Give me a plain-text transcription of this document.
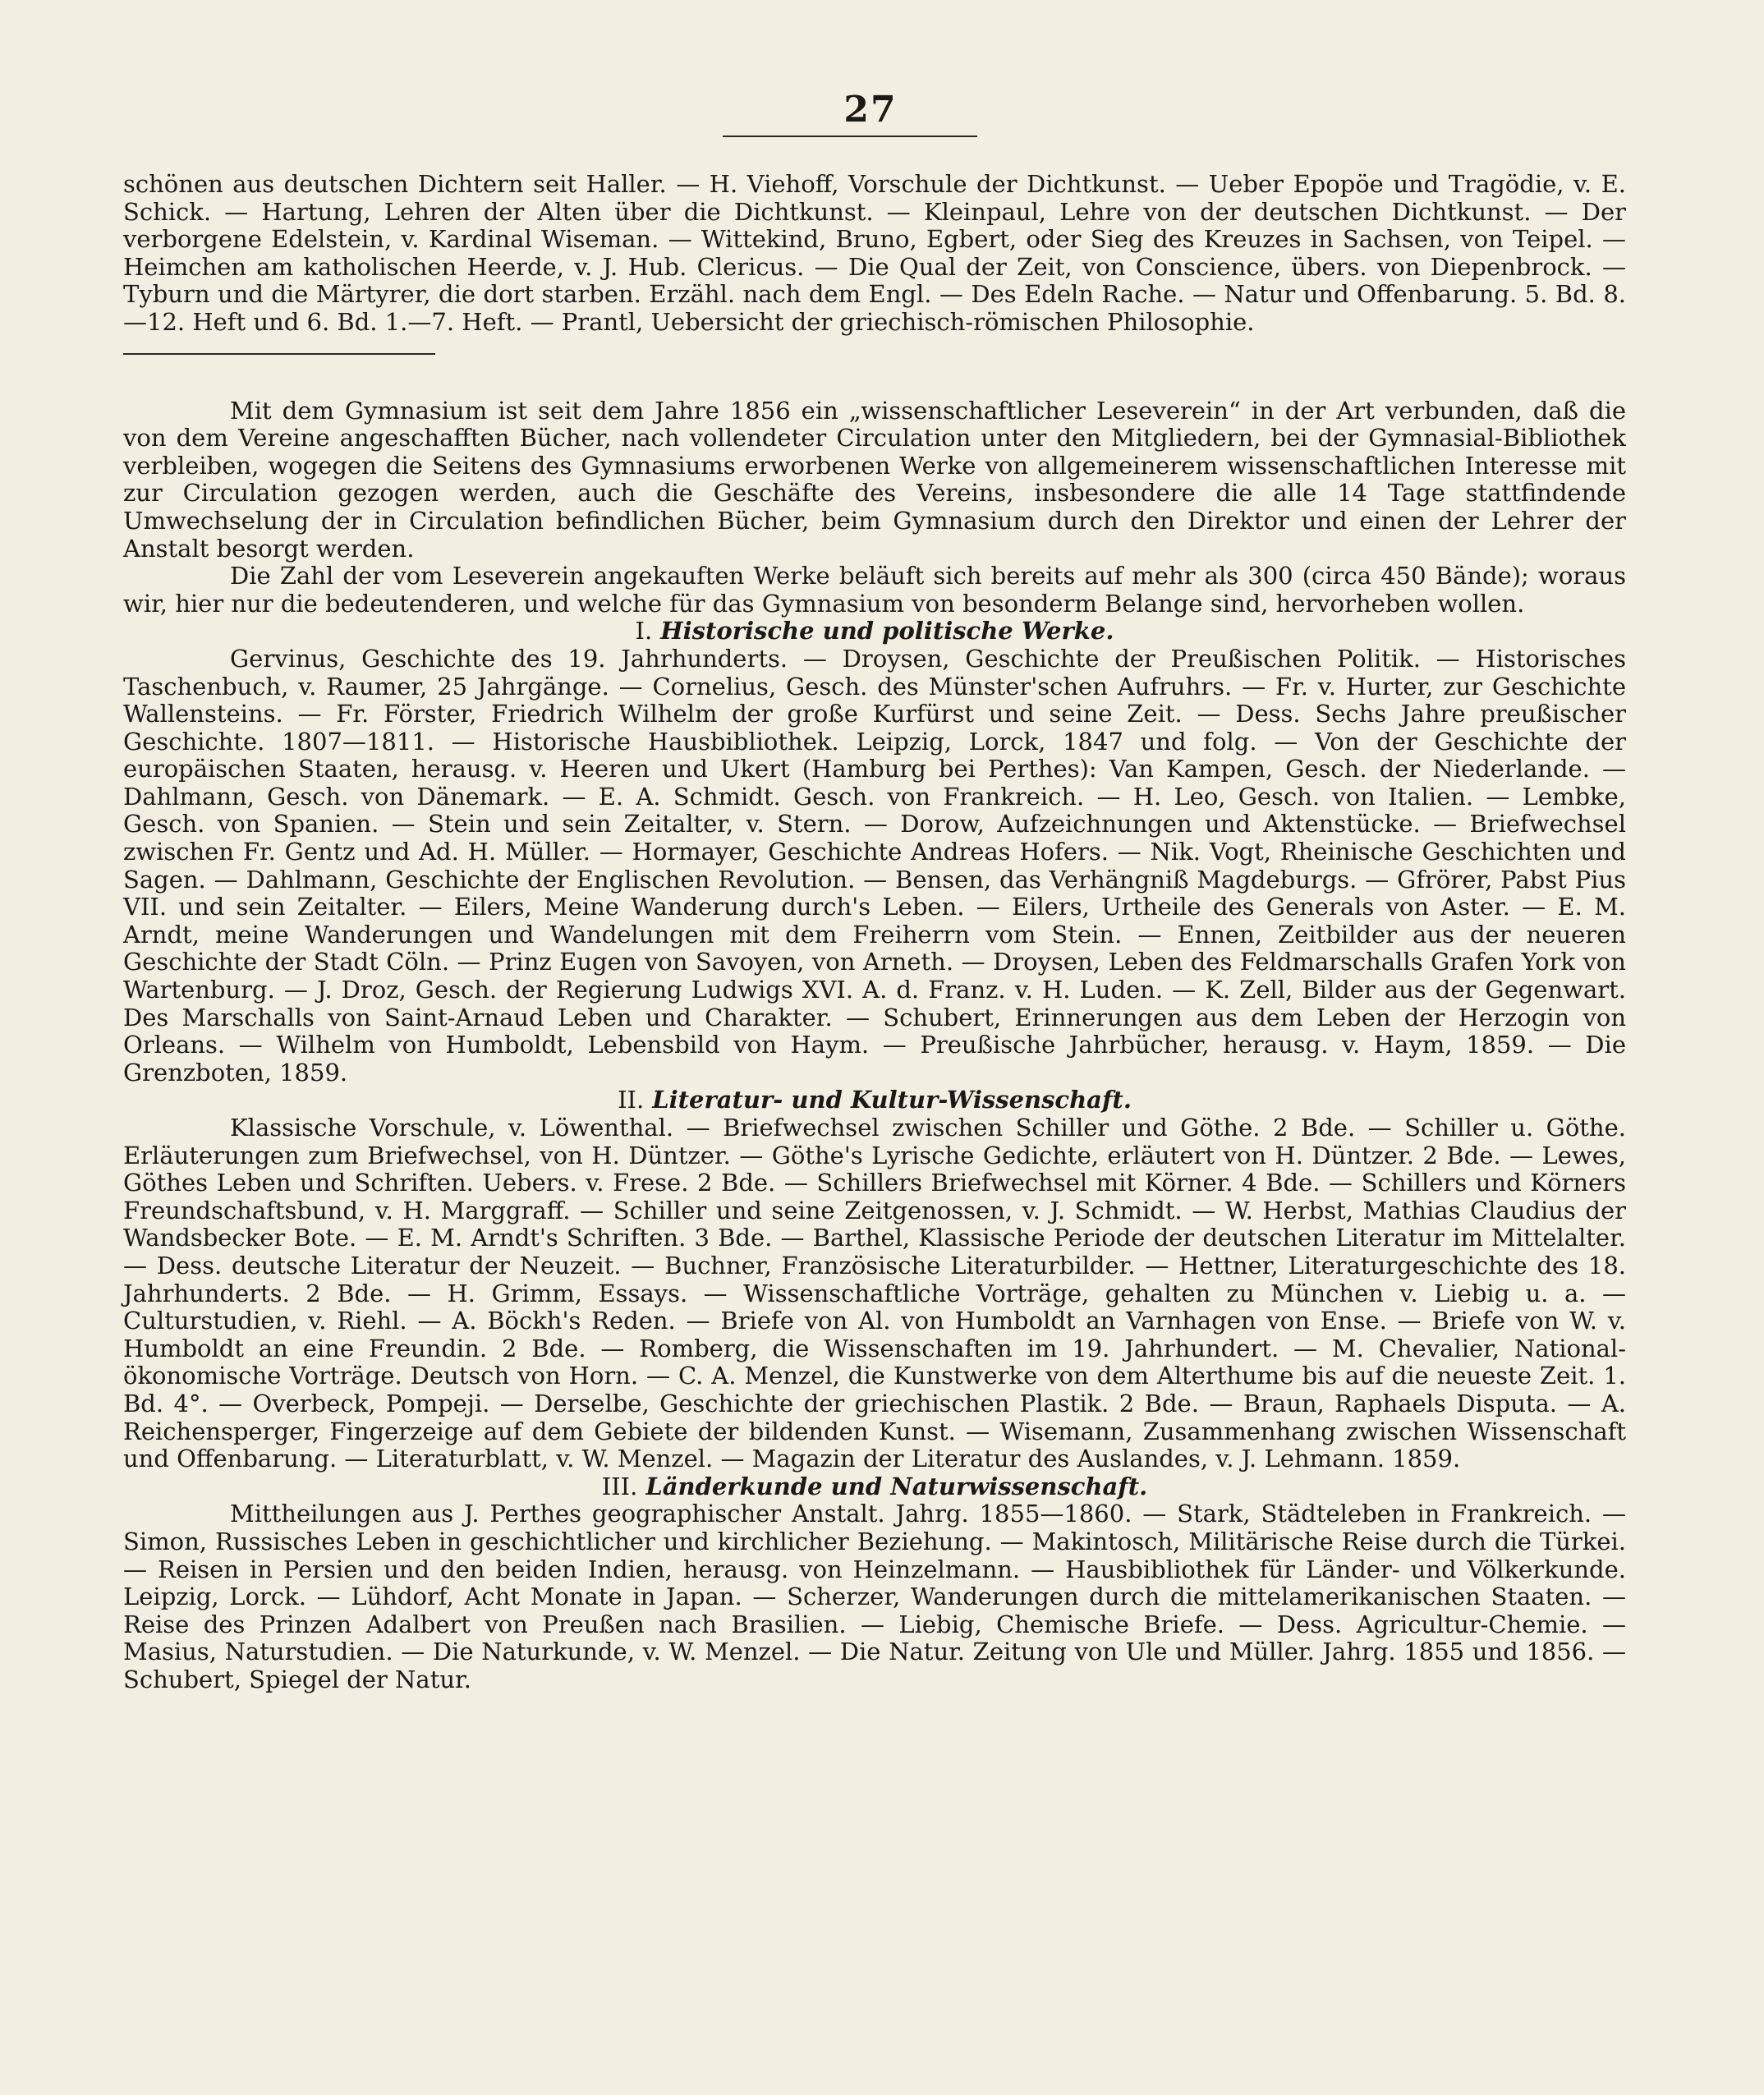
27

schönen aus deutschen Dichtern seit Haller. — H. Viehoff, Vorschule der Dichtkunst. — Ueber Epopöe und Tragödie, v. E. Schick. — Hartung, Lehren der Alten über die Dichtkunst. — Kleinpaul, Lehre von der deutschen Dichtkunst. — Der verborgene Edelstein, v. Kardinal Wiseman. — Wittekind, Bruno, Egbert, oder Sieg des Kreuzes in Sachsen, von Teipel. — Heimchen am katholischen Heerde, v. J. Hub. Clericus. — Die Qual der Zeit, von Conscience, übers. von Diepenbrock. — Tyburn und die Märtyrer, die dort starben. Erzähl. nach dem Engl. — Des Edeln Rache. — Natur und Offenbarung. 5. Bd. 8.—12. Heft und 6. Bd. 1.—7. Heft. — Prantl, Uebersicht der griechisch-römischen Philosophie.

Mit dem Gymnasium ist seit dem Jahre 1856 ein „wissenschaftlicher Leseverein“ in der Art verbunden, daß die von dem Vereine angeschafften Bücher, nach vollendeter Circulation unter den Mitgliedern, bei der Gymnasial-Bibliothek verbleiben, wogegen die Seitens des Gymnasiums erworbenen Werke von allgemeinerem wissenschaftlichen Interesse mit zur Circulation gezogen werden, auch die Geschäfte des Vereins, insbesondere die alle 14 Tage stattfindende Umwechselung der in Circulation befindlichen Bücher, beim Gymnasium durch den Direktor und einen der Lehrer der Anstalt besorgt werden.

Die Zahl der vom Leseverein angekauften Werke beläuft sich bereits auf mehr als 300 (circa 450 Bände); woraus wir, hier nur die bedeutenderen, und welche für das Gymnasium von besonderm Belange sind, hervorheben wollen.

I. Historische und politische Werke.

Gervinus, Geschichte des 19. Jahrhunderts. — Droysen, Geschichte der Preußischen Politik. — Historisches Taschenbuch, v. Raumer, 25 Jahrgänge. — Cornelius, Gesch. des Münster'schen Aufruhrs. — Fr. v. Hurter, zur Geschichte Wallensteins. — Fr. Förster, Friedrich Wilhelm der große Kurfürst und seine Zeit. — Dess. Sechs Jahre preußischer Geschichte. 1807—1811. — Historische Hausbibliothek. Leipzig, Lorck, 1847 und folg. — Von der Geschichte der europäischen Staaten, herausg. v. Heeren und Ukert (Hamburg bei Perthes): Van Kampen, Gesch. der Niederlande. — Dahlmann, Gesch. von Dänemark. — E. A. Schmidt. Gesch. von Frankreich. — H. Leo, Gesch. von Italien. — Lembke, Gesch. von Spanien. — Stein und sein Zeitalter, v. Stern. — Dorow, Aufzeichnungen und Aktenstücke. — Briefwechsel zwischen Fr. Gentz und Ad. H. Müller. — Hormayer, Geschichte Andreas Hofers. — Nik. Vogt, Rheinische Geschichten und Sagen. — Dahlmann, Geschichte der Englischen Revolution. — Bensen, das Verhängniß Magdeburgs. — Gfrörer, Pabst Pius VII. und sein Zeitalter. — Eilers, Meine Wanderung durch's Leben. — Eilers, Urtheile des Generals von Aster. — E. M. Arndt, meine Wanderungen und Wandelungen mit dem Freiherrn vom Stein. — Ennen, Zeitbilder aus der neueren Geschichte der Stadt Cöln. — Prinz Eugen von Savoyen, von Arneth. — Droysen, Leben des Feldmarschalls Grafen York von Wartenburg. — J. Droz, Gesch. der Regierung Ludwigs XVI. A. d. Franz. v. H. Luden. — K. Zell, Bilder aus der Gegenwart. Des Marschalls von Saint-Arnaud Leben und Charakter. — Schubert, Erinnerungen aus dem Leben der Herzogin von Orleans. — Wilhelm von Humboldt, Lebensbild von Haym. — Preußische Jahrbücher, herausg. v. Haym, 1859. — Die Grenzboten, 1859.

II. Literatur- und Kultur-Wissenschaft.

Klassische Vorschule, v. Löwenthal. — Briefwechsel zwischen Schiller und Göthe. 2 Bde. — Schiller u. Göthe. Erläuterungen zum Briefwechsel, von H. Düntzer. — Göthe's Lyrische Gedichte, erläutert von H. Düntzer. 2 Bde. — Lewes, Göthes Leben und Schriften. Uebers. v. Frese. 2 Bde. — Schillers Briefwechsel mit Körner. 4 Bde. — Schillers und Körners Freundschaftsbund, v. H. Marggraff. — Schiller und seine Zeitgenossen, v. J. Schmidt. — W. Herbst, Mathias Claudius der Wandsbecker Bote. — E. M. Arndt's Schriften. 3 Bde. — Barthel, Klassische Periode der deutschen Literatur im Mittelalter. — Dess. deutsche Literatur der Neuzeit. — Buchner, Französische Literaturbilder. — Hettner, Literaturgeschichte des 18. Jahrhunderts. 2 Bde. — H. Grimm, Essays. — Wissenschaftliche Vorträge, gehalten zu München v. Liebig u. a. — Culturstudien, v. Riehl. — A. Böckh's Reden. — Briefe von Al. von Humboldt an Varnhagen von Ense. — Briefe von W. v. Humboldt an eine Freundin. 2 Bde. — Romberg, die Wissenschaften im 19. Jahrhundert. — M. Chevalier, National-ökonomische Vorträge. Deutsch von Horn. — C. A. Menzel, die Kunstwerke von dem Alterthume bis auf die neueste Zeit. 1. Bd. 4°. — Overbeck, Pompeji. — Derselbe, Geschichte der griechischen Plastik. 2 Bde. — Braun, Raphaels Disputa. — A. Reichensperger, Fingerzeige auf dem Gebiete der bildenden Kunst. — Wisemann, Zusammenhang zwischen Wissenschaft und Offenbarung. — Literaturblatt, v. W. Menzel. — Magazin der Literatur des Auslandes, v. J. Lehmann. 1859.

III. Länderkunde und Naturwissenschaft.

Mittheilungen aus J. Perthes geographischer Anstalt. Jahrg. 1855—1860. — Stark, Städteleben in Frankreich. — Simon, Russisches Leben in geschichtlicher und kirchlicher Beziehung. — Makintosch, Militärische Reise durch die Türkei. — Reisen in Persien und den beiden Indien, herausg. von Heinzelmann. — Hausbibliothek für Länder- und Völkerkunde. Leipzig, Lorck. — Lühdorf, Acht Monate in Japan. — Scherzer, Wanderungen durch die mittelamerikanischen Staaten. — Reise des Prinzen Adalbert von Preußen nach Brasilien. — Liebig, Chemische Briefe. — Dess. Agricultur-Chemie. — Masius, Naturstudien. — Die Naturkunde, v. W. Menzel. — Die Natur. Zeitung von Ule und Müller. Jahrg. 1855 und 1856. — Schubert, Spiegel der Natur.
